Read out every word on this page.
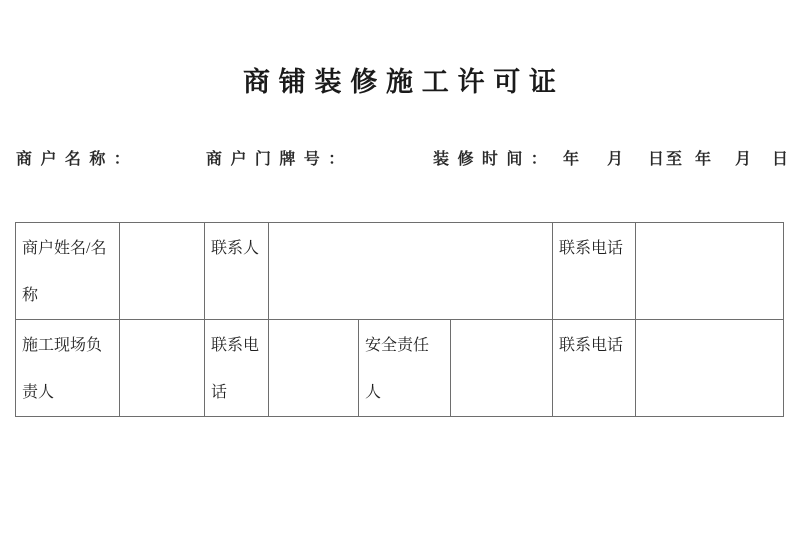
商 铺 装 修 施 工 许 可 证
商 户 名 称 ：	商 户 门 牌 号 ：	装 修 时 间 ： 年 月 日至 年 月 日
商户姓名/名称		联系人				联系电话	
施工现场负责人		联系电话		安全责任人		联系电话	
